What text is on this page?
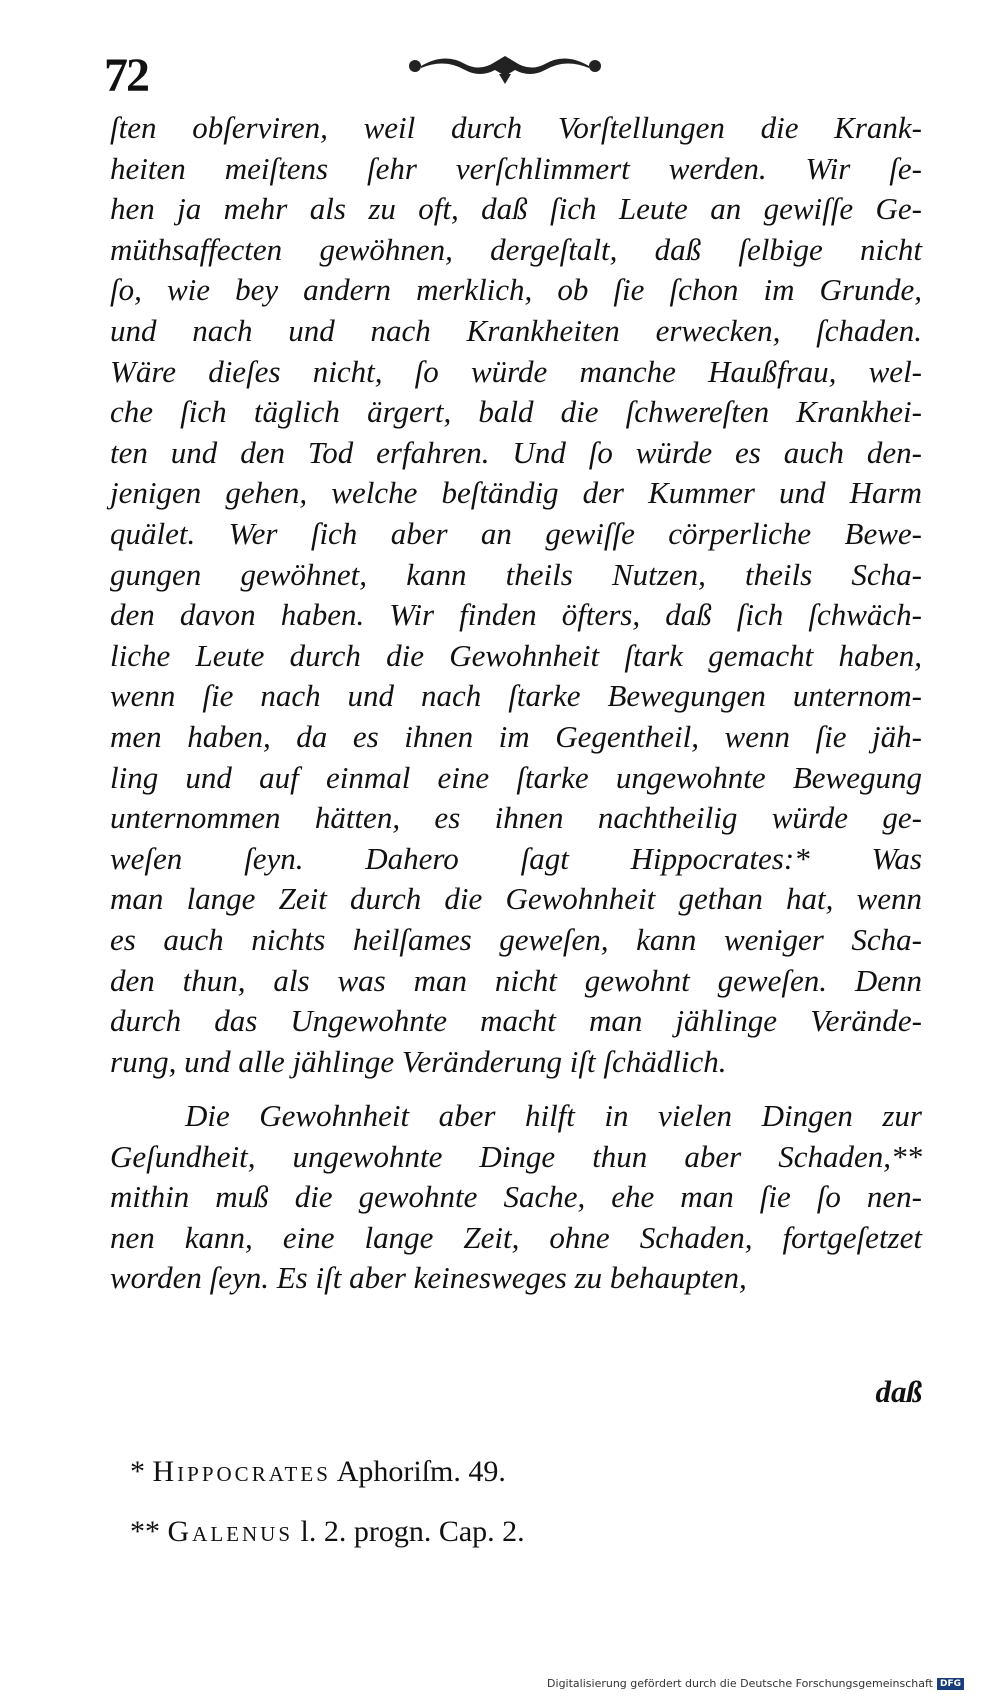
72
ſten obſerviren, weil durch Vorſtellungen die Krank-
heiten meiſtens ſehr verſchlimmert werden. Wir ſe-
hen ja mehr als zu oft, daß ſich Leute an gewiſſe Ge-
müthsaffecten gewöhnen, dergeſtalt, daß ſelbige nicht
ſo, wie bey andern merklich, ob ſie ſchon im Grunde,
und nach und nach Krankheiten erwecken, ſchaden.
Wäre dieſes nicht, ſo würde manche Haußfrau, wel-
che ſich täglich ärgert, bald die ſchwereſten Krankhei-
ten und den Tod erfahren. Und ſo würde es auch den-
jenigen gehen, welche beſtändig der Kummer und Harm
quälet. Wer ſich aber an gewiſſe cörperliche Bewe-
gungen gewöhnet, kann theils Nutzen, theils Scha-
den davon haben. Wir finden öfters, daß ſich ſchwäch-
liche Leute durch die Gewohnheit ſtark gemacht haben,
wenn ſie nach und nach ſtarke Bewegungen unternom-
men haben, da es ihnen im Gegentheil, wenn ſie jäh-
ling und auf einmal eine ſtarke ungewohnte Bewegung
unternommen hätten, es ihnen nachtheilig würde ge-
weſen ſeyn. Dahero ſagt Hippocrates:* Was
man lange Zeit durch die Gewohnheit gethan hat, wenn
es auch nichts heilſames geweſen, kann weniger Scha-
den thun, als was man nicht gewohnt geweſen. Denn
durch das Ungewohnte macht man jählinge Verände-
rung, und alle jählinge Veränderung iſt ſchädlich.
Die Gewohnheit aber hilft in vielen Dingen zur
Geſundheit, ungewohnte Dinge thun aber Schaden,**
mithin muß die gewohnte Sache, ehe man ſie ſo nen-
nen kann, eine lange Zeit, ohne Schaden, fortgeſetzet
worden ſeyn. Es iſt aber keinesweges zu behaupten,
daß
* Hippocrates Aphoriſm. 49.
** Galenus l. 2. progn. Cap. 2.
Digitalisierung gefördert durch die Deutsche Forschungsgemeinschaft DFG
